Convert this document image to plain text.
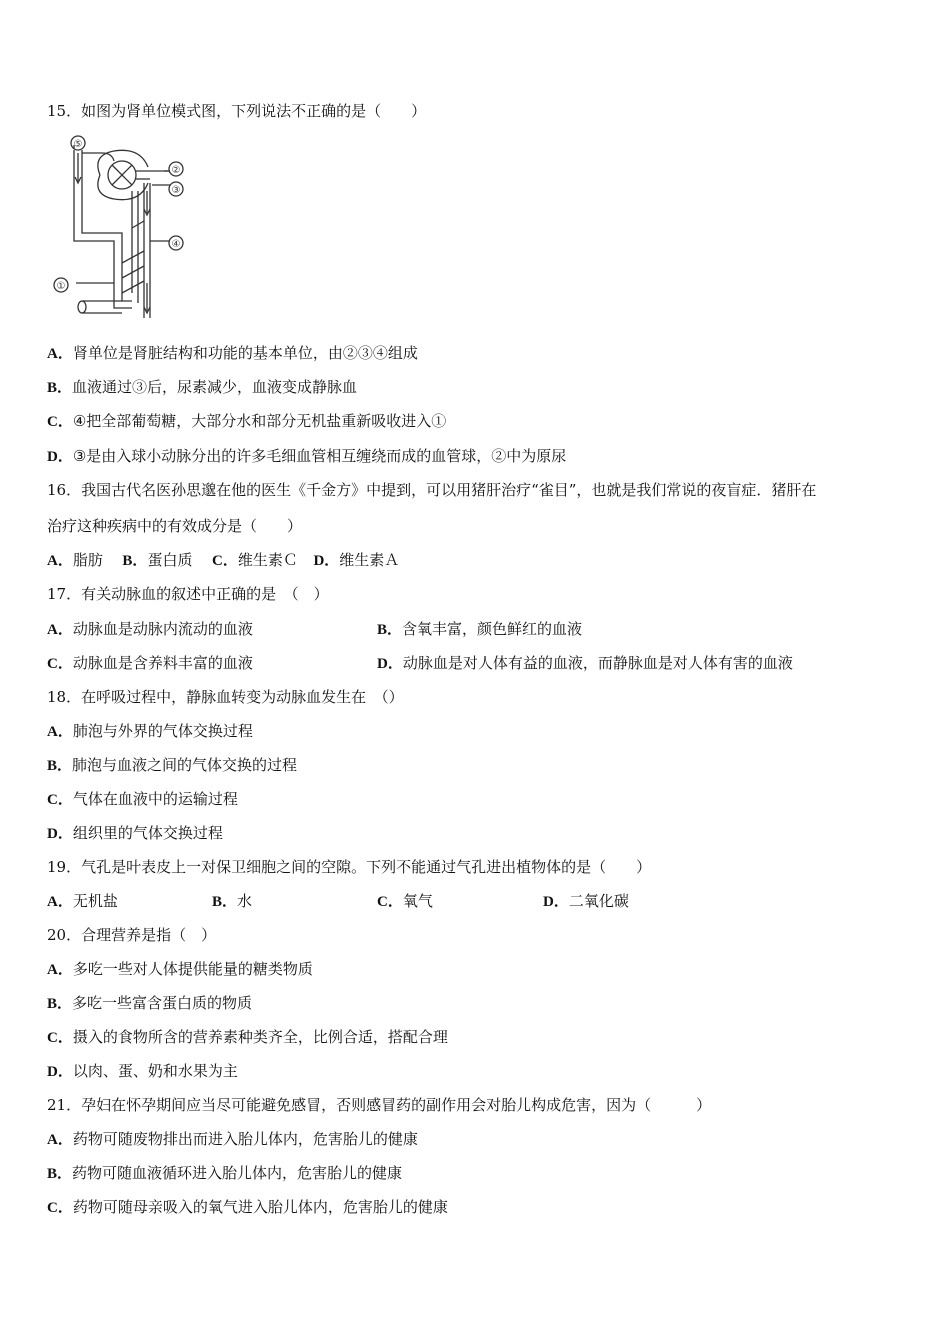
15．如图为肾单位模式图，下列说法不正确的是（　　）
⑤
②
③
④
①
A．肾单位是肾脏结构和功能的基本单位，由②③④组成
B．血液通过③后，尿素减少，血液变成静脉血
C．④把全部葡萄糖，大部分水和部分无机盐重新吸收进入①
D．③是由入球小动脉分出的许多毛细血管相互缠绕而成的血管球，②中为原尿
16．我国古代名医孙思邈在他的医生《千金方》中提到，可以用猪肝治疗“雀目”，也就是我们常说的夜盲症．猪肝在
治疗这种疾病中的有效成分是（　　）
A．脂肪 B．蛋白质 C．维生素Ｃ D．维生素Ａ
17．有关动脉血的叙述中正确的是　（　）
A．动脉血是动脉内流动的血液	B．含氧丰富，颜色鲜红的血液
C．动脉血是含养料丰富的血液	D．动脉血是对人体有益的血液，而静脉血是对人体有害的血液
18．在呼吸过程中，静脉血转变为动脉血发生在　（）
A．肺泡与外界的气体交换过程
B．肺泡与血液之间的气体交换的过程
C．气体在血液中的运输过程
D．组织里的气体交换过程
19．气孔是叶表皮上一对保卫细胞之间的空隙。下列不能通过气孔进出植物体的是（　　）
A．无机盐	B．水	C．氧气	D．二氧化碳
20．合理营养是指（　）
A．多吃一些对人体提供能量的糖类物质
B．多吃一些富含蛋白质的物质
C．摄入的食物所含的营养素种类齐全，比例合适，搭配合理
D．以肉、蛋、奶和水果为主
21．孕妇在怀孕期间应当尽可能避免感冒，否则感冒药的副作用会对胎儿构成危害，因为（　　　）
A．药物可随废物排出而进入胎儿体内，危害胎儿的健康
B．药物可随血液循环进入胎儿体内，危害胎儿的健康
C．药物可随母亲吸入的氧气进入胎儿体内，危害胎儿的健康
